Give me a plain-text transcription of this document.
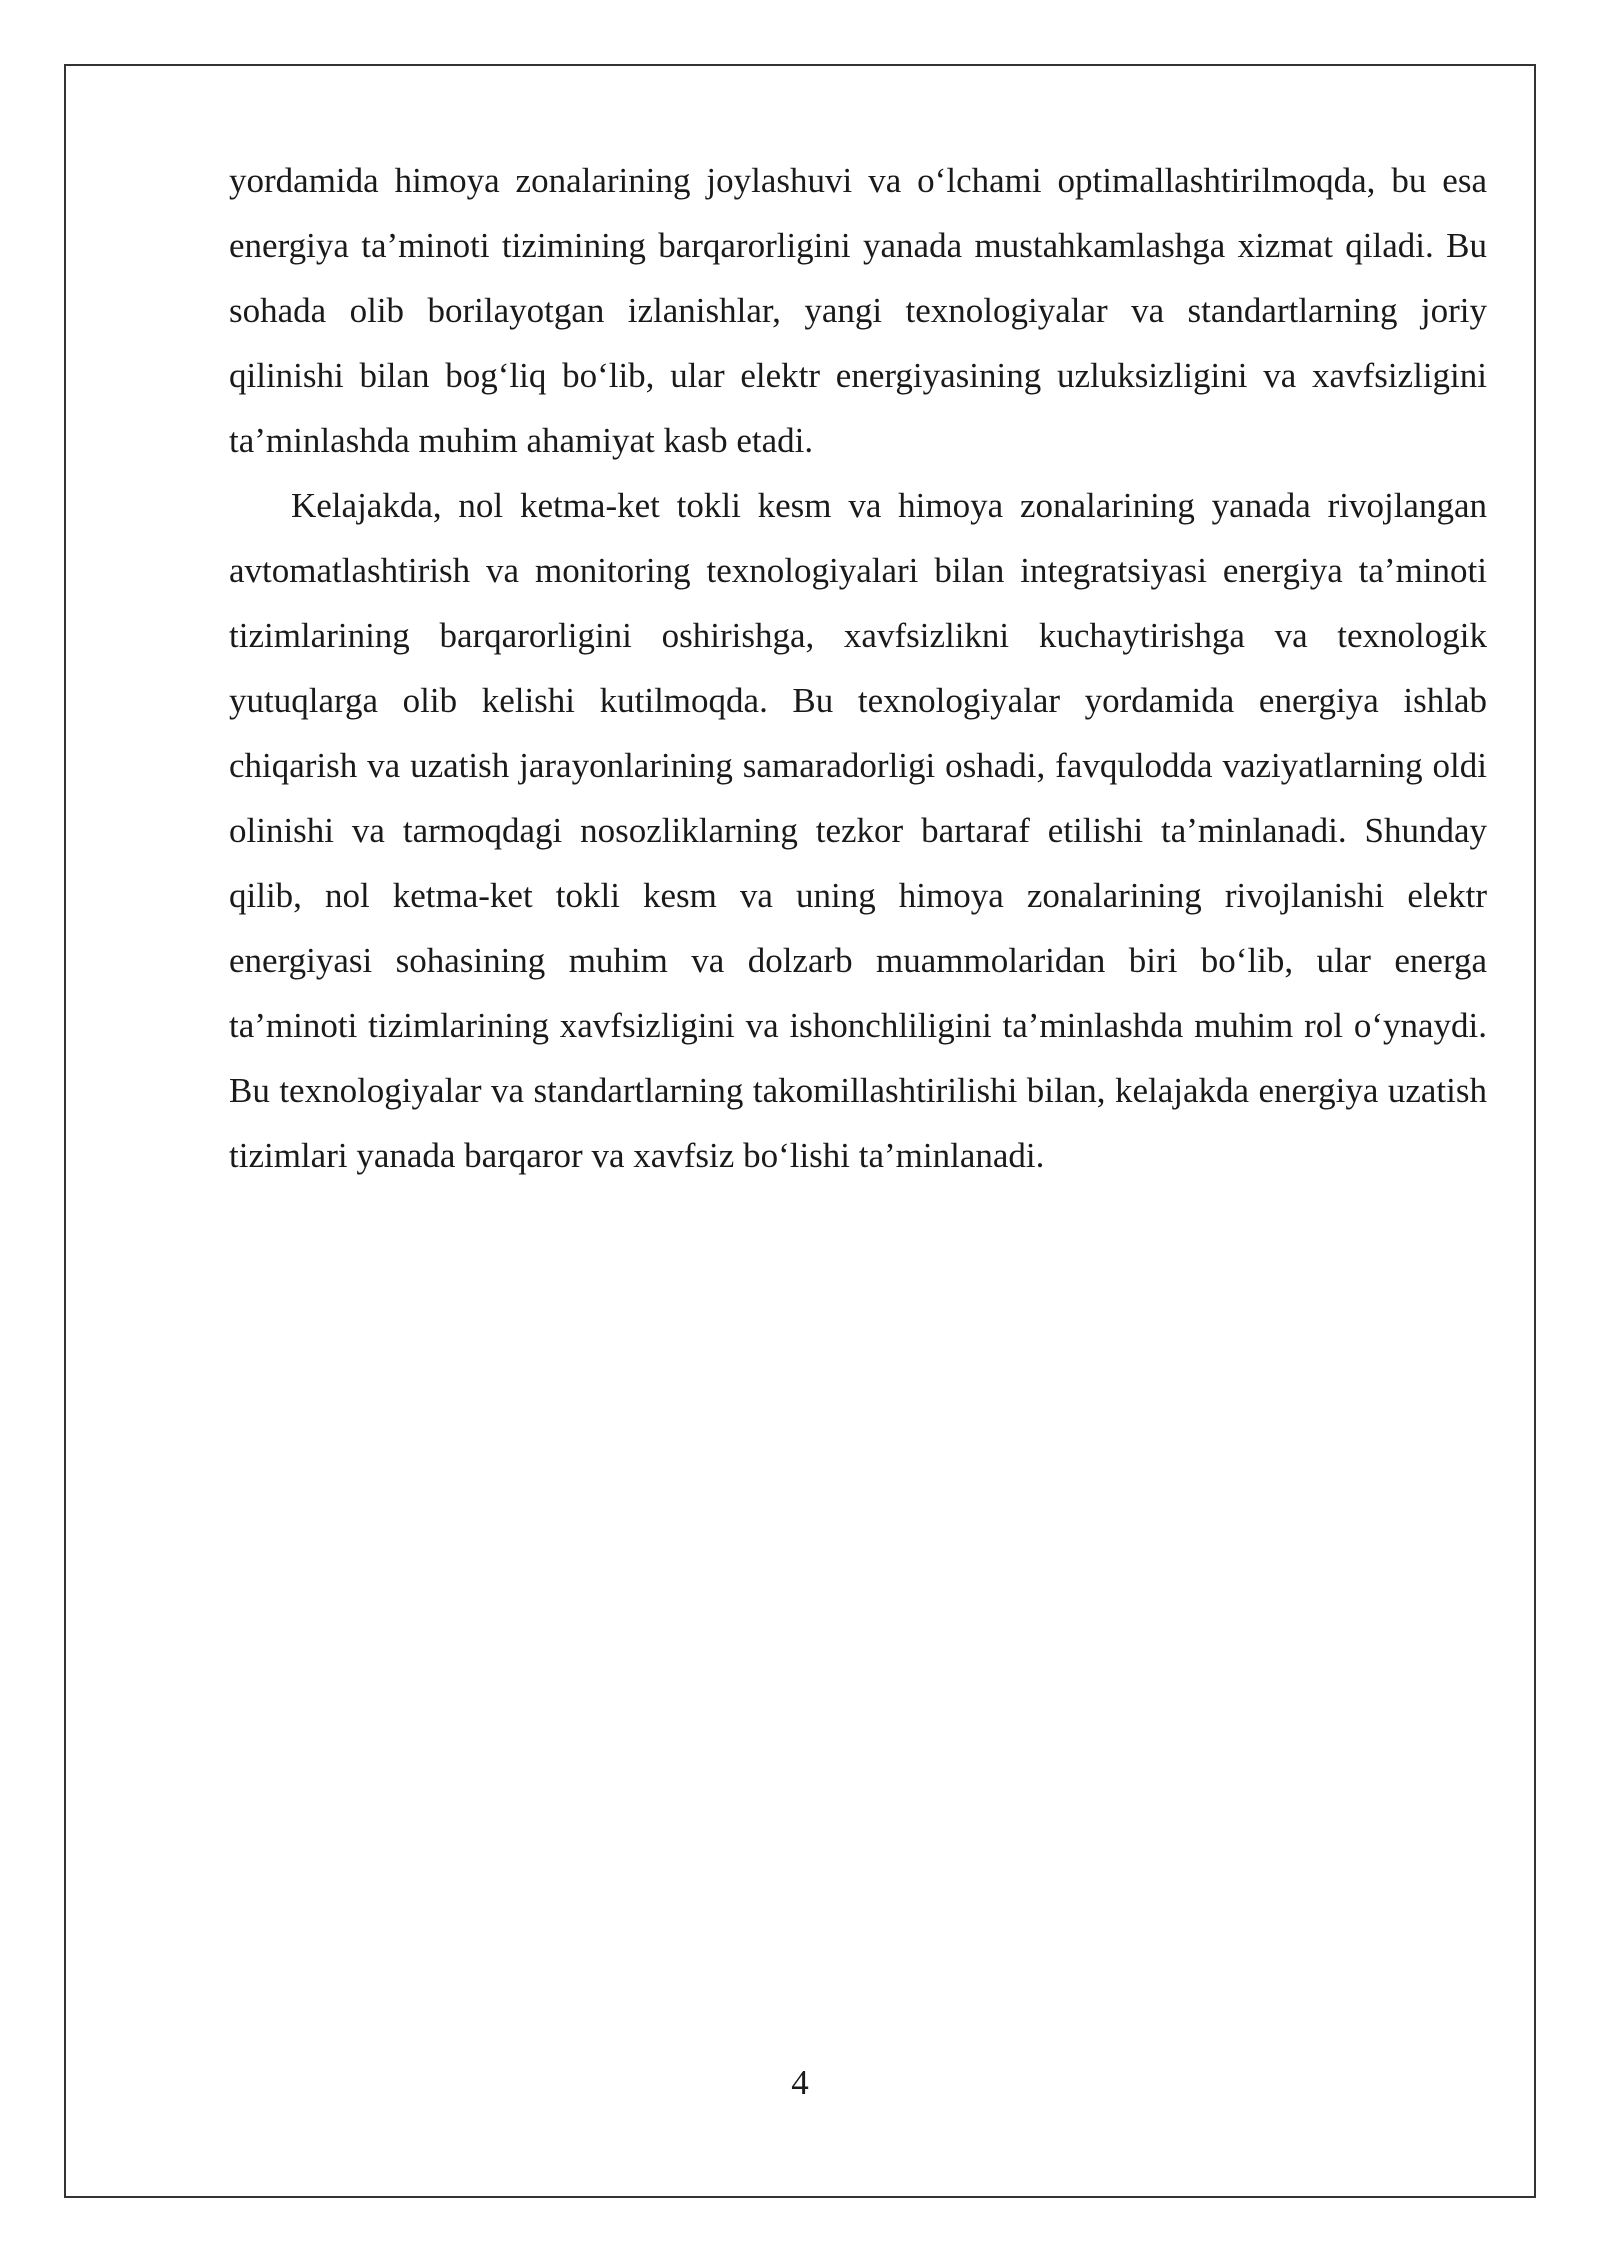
yordamida himoya zonalarining joylashuvi va o‘lchami optimallashtirilmoqda, bu esa energiya ta’minoti tizimining barqarorligini yanada mustahkamlashga xizmat qiladi. Bu sohada olib borilayotgan izlanishlar, yangi texnologiyalar va standartlarning joriy qilinishi bilan bog‘liq bo‘lib, ular elektr energiyasining uzluksizligini va xavfsizligini ta’minlashda muhim ahamiyat kasb etadi.

Kelajakda, nol ketma-ket tokli kesm va himoya zonalarining yanada rivojlangan avtomatlashtirish va monitoring texnologiyalari bilan integratsiyasi energiya ta’minoti tizimlarining barqarorligini oshirishga, xavfsizlikni kuchaytirishga va texnologik yutuqlarga olib kelishi kutilmoqda. Bu texnologiyalar yordamida energiya ishlab chiqarish va uzatish jarayonlarining samaradorligi oshadi, favqulodda vaziyatlarning oldi olinishi va tarmoqdagi nosozliklarning tezkor bartaraf etilishi ta’minlanadi. Shunday qilib, nol ketma-ket tokli kesm va uning himoya zonalarining rivojlanishi elektr energiyasi sohasining muhim va dolzarb muammolaridan biri bo‘lib, ular energa ta’minoti tizimlarining xavfsizligini va ishonchliligini ta’minlashda muhim rol o‘ynaydi. Bu texnologiyalar va standartlarning takomillashtirilishi bilan, kelajakda energiya uzatish tizimlari yanada barqaror va xavfsiz bo‘lishi ta’minlanadi.

4
